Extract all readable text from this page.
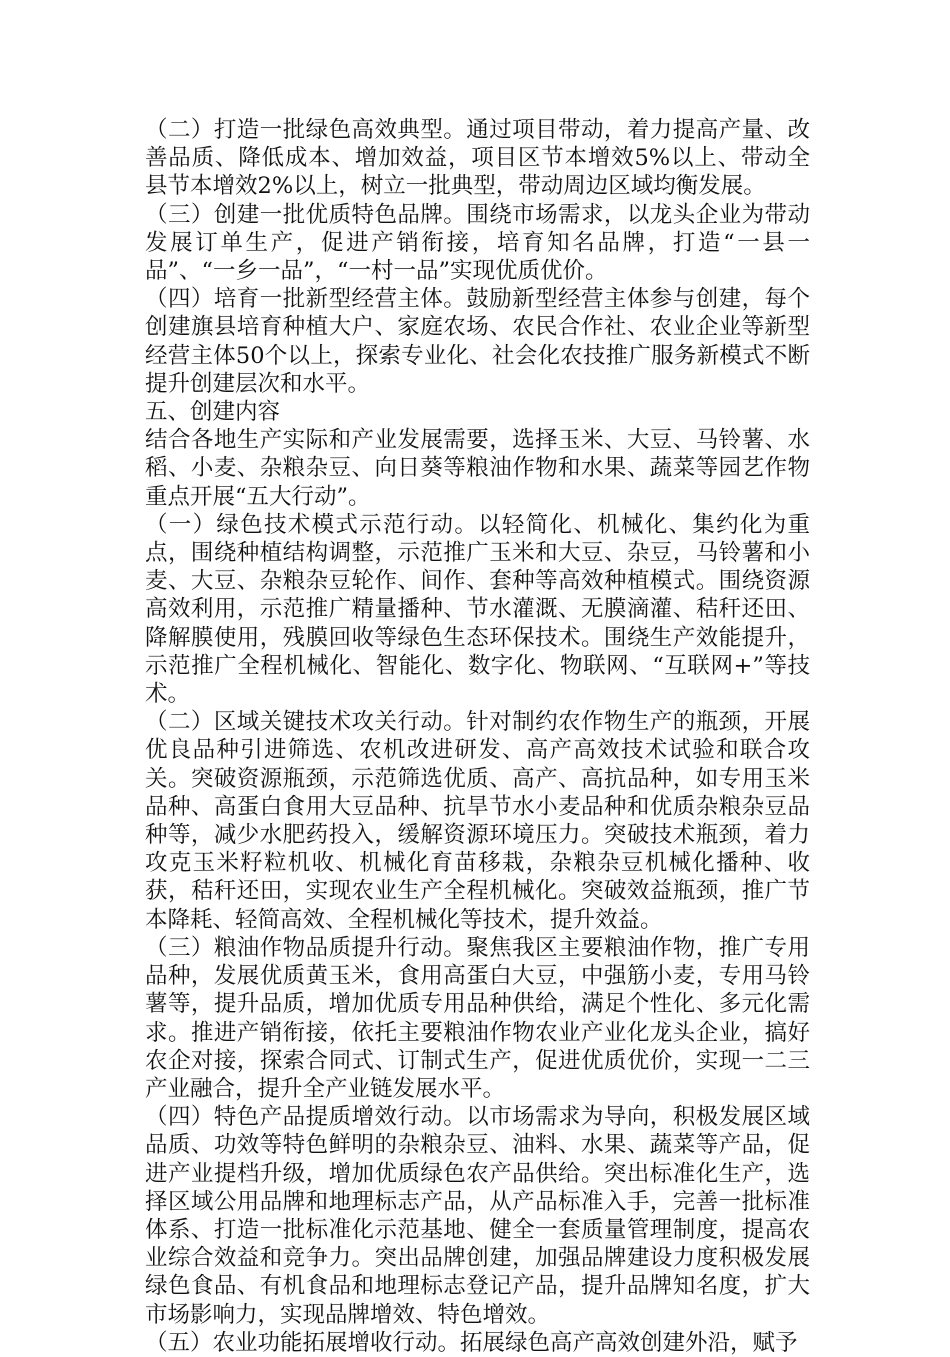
（二）打造一批绿色高效典型。通过项目带动，着力提高产量、改善品质、降低成本、增加效益，项目区节本增效5%以上、带动全县节本增效2%以上，树立一批典型，带动周边区域均衡发展。

（三）创建一批优质特色品牌。围绕市场需求，以龙头企业为带动发展订单生产，促进产销衔接，培育知名品牌，打造“一县一品”、“一乡一品”，“一村一品”实现优质优价。

（四）培育一批新型经营主体。鼓励新型经营主体参与创建，每个创建旗县培育种植大户、家庭农场、农民合作社、农业企业等新型经营主体50个以上，探索专业化、社会化农技推广服务新模式不断提升创建层次和水平。

五、创建内容

结合各地生产实际和产业发展需要，选择玉米、大豆、马铃薯、水稻、小麦、杂粮杂豆、向日葵等粮油作物和水果、蔬菜等园艺作物重点开展“五大行动”。

（一）绿色技术模式示范行动。以轻简化、机械化、集约化为重点，围绕种植结构调整，示范推广玉米和大豆、杂豆，马铃薯和小麦、大豆、杂粮杂豆轮作、间作、套种等高效种植模式。围绕资源高效利用，示范推广精量播种、节水灌溉、无膜滴灌、秸秆还田、降解膜使用，残膜回收等绿色生态环保技术。围绕生产效能提升，示范推广全程机械化、智能化、数字化、物联网、“互联网+”等技术。

（二）区域关键技术攻关行动。针对制约农作物生产的瓶颈，开展优良品种引进筛选、农机改进研发、高产高效技术试验和联合攻关。突破资源瓶颈，示范筛选优质、高产、高抗品种，如专用玉米品种、高蛋白食用大豆品种、抗旱节水小麦品种和优质杂粮杂豆品种等，减少水肥药投入，缓解资源环境压力。突破技术瓶颈，着力攻克玉米籽粒机收、机械化育苗移栽，杂粮杂豆机械化播种、收获，秸秆还田，实现农业生产全程机械化。突破效益瓶颈，推广节本降耗、轻简高效、全程机械化等技术，提升效益。

（三）粮油作物品质提升行动。聚焦我区主要粮油作物，推广专用品种，发展优质黄玉米，食用高蛋白大豆，中强筋小麦，专用马铃薯等，提升品质，增加优质专用品种供给，满足个性化、多元化需求。推进产销衔接，依托主要粮油作物农业产业化龙头企业，搞好农企对接，探索合同式、订制式生产，促进优质优价，实现一二三产业融合，提升全产业链发展水平。

（四）特色产品提质增效行动。以市场需求为导向，积极发展区域品质、功效等特色鲜明的杂粮杂豆、油料、水果、蔬菜等产品，促进产业提档升级，增加优质绿色农产品供给。突出标准化生产，选择区域公用品牌和地理标志产品，从产品标准入手，完善一批标准体系、打造一批标准化示范基地、健全一套质量管理制度，提高农业综合效益和竞争力。突出品牌创建，加强品牌建设力度积极发展绿色食品、有机食品和地理标志登记产品，提升品牌知名度，扩大市场影响力，实现品牌增效、特色增效。

（五）农业功能拓展增收行动。拓展绿色高产高效创建外沿，赋予
